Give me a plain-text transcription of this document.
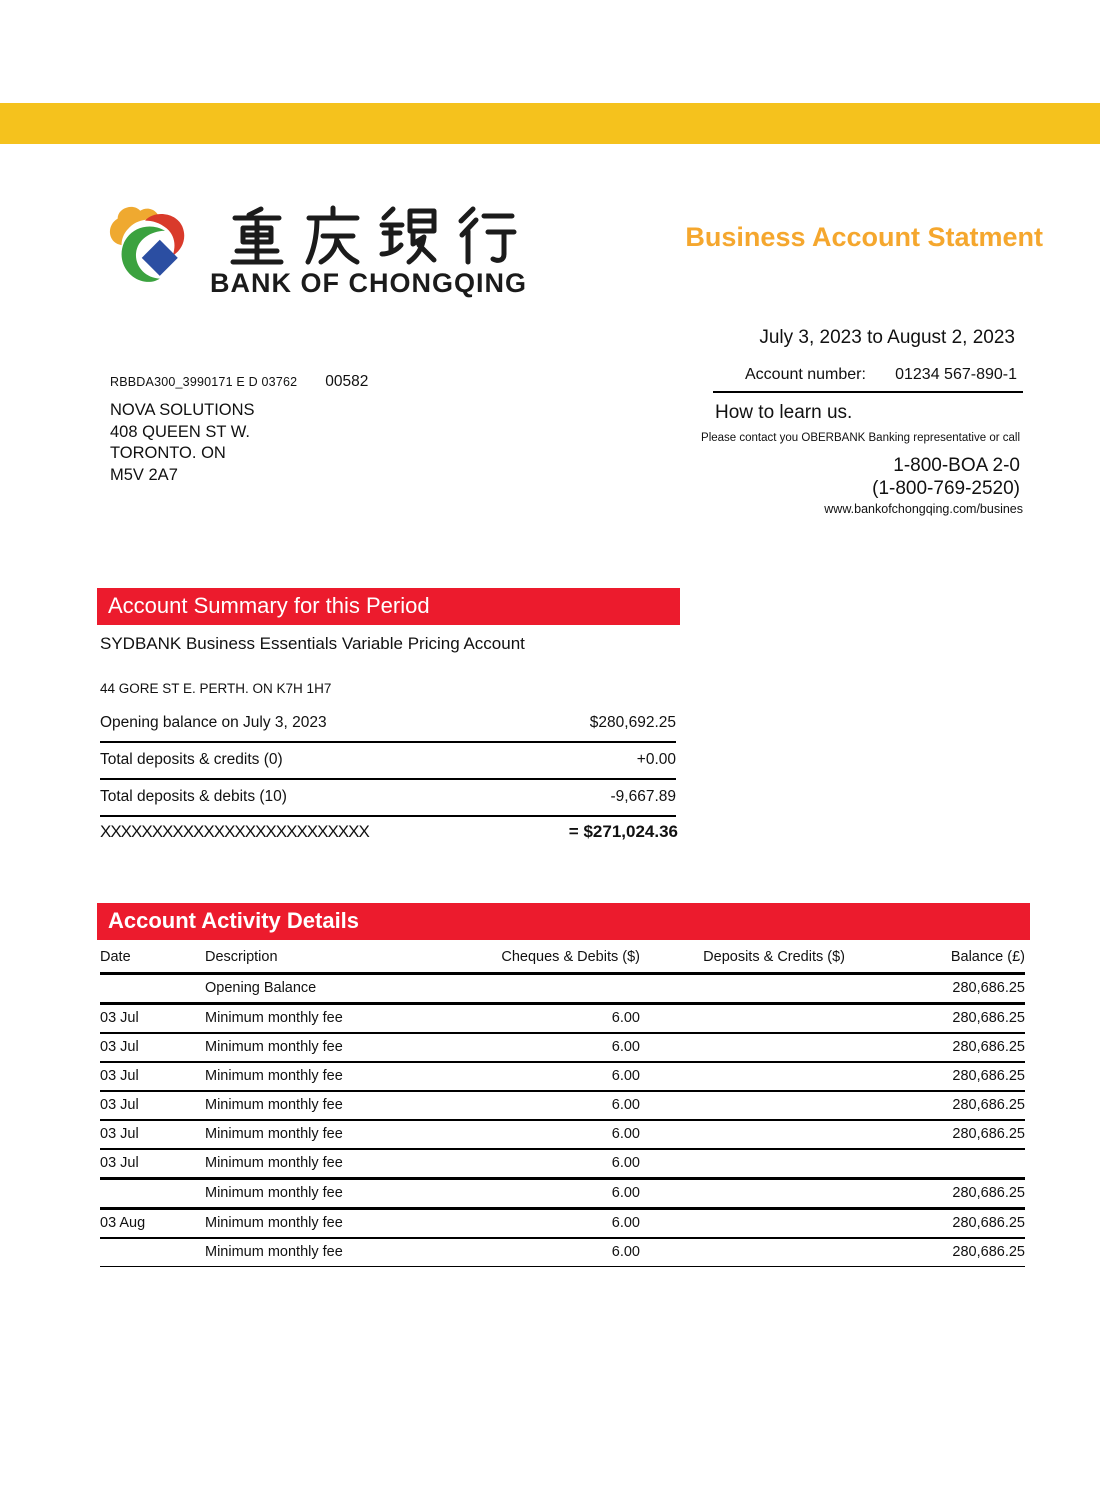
BANK OF CHONGQING
Business Account Statment
July 3, 2023 to August 2, 2023
Account number: 01234 567-890-1
How to learn us.
Please contact you OBERBANK Banking representative or call
1-800-BOA 2-0
(1-800-769-2520)
www.bankofchongqing.com/busines
RBBDA300_3990171 E D 03762 00582
NOVA SOLUTIONS
408 QUEEN ST W.
TORONTO. ON
M5V 2A7
Account Summary for this Period
SYDBANK Business Essentials Variable Pricing Account
44 GORE ST E. PERTH. ON K7H 1H7
Opening balance on July 3, 2023	$280,692.25
Total deposits & credits (0)	+0.00
Total deposits & debits (10)	-9,667.89
XXXXXXXXXXXXXXXXXXXXXXXXXX	= $271,024.36
Account Activity Details
Date	Description	Cheques & Debits ($)	Deposits & Credits ($)	Balance (£)
	Opening Balance			280,686.25
03 Jul	Minimum monthly fee	6.00		280,686.25
03 Jul	Minimum monthly fee	6.00		280,686.25
03 Jul	Minimum monthly fee	6.00		280,686.25
03 Jul	Minimum monthly fee	6.00		280,686.25
03 Jul	Minimum monthly fee	6.00		280,686.25
03 Jul	Minimum monthly fee	6.00		
	Minimum monthly fee	6.00		280,686.25
03 Aug	Minimum monthly fee	6.00		280,686.25
	Minimum monthly fee	6.00		280,686.25
